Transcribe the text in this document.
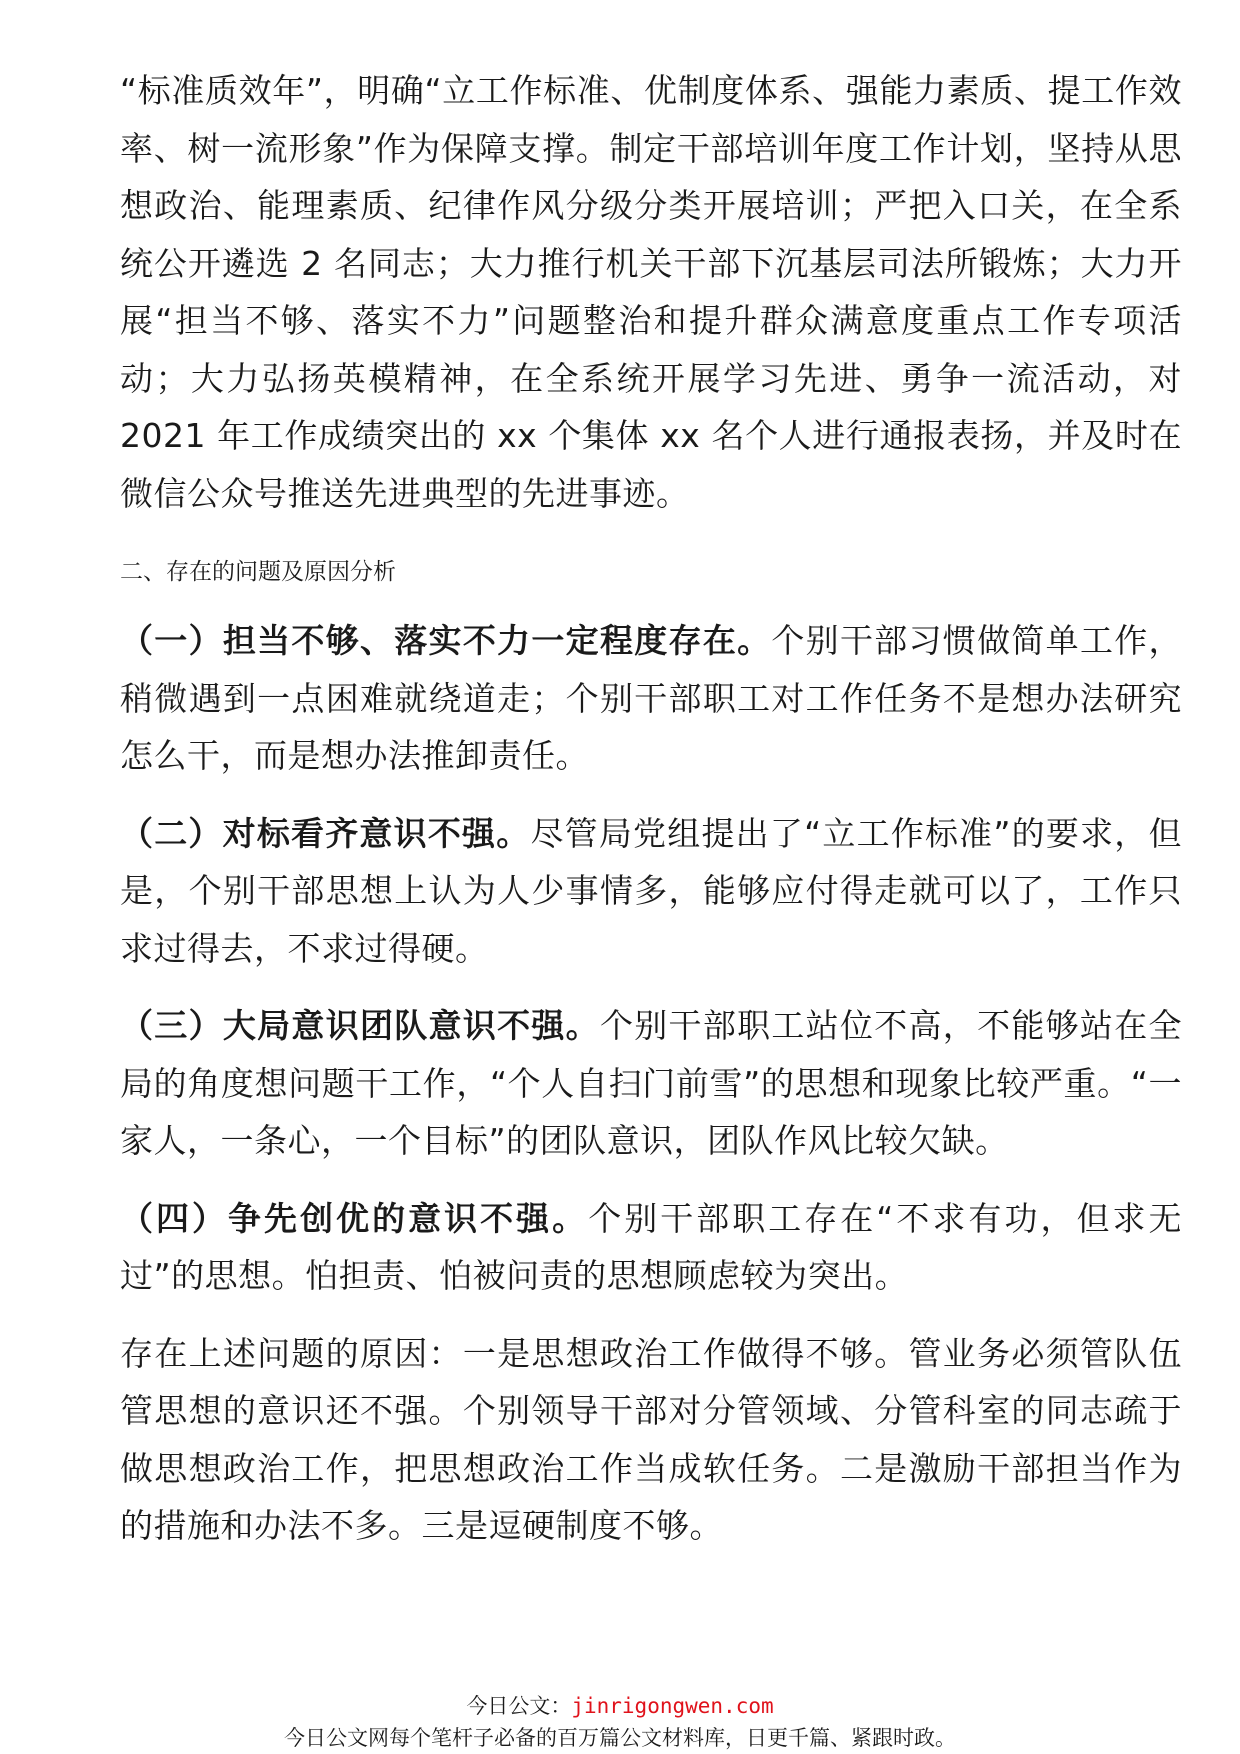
“标准质效年”，明确“立工作标准、优制度体系、强能力素质、提工作效率、树一流形象”作为保障支撑。制定干部培训年度工作计划，坚持从思想政治、能理素质、纪律作风分级分类开展培训；严把入口关，在全系统公开遴选 2 名同志；大力推行机关干部下沉基层司法所锻炼；大力开展“担当不够、落实不力”问题整治和提升群众满意度重点工作专项活动；大力弘扬英模精神，在全系统开展学习先进、勇争一流活动，对 2021 年工作成绩突出的 xx 个集体 xx 名个人进行通报表扬，并及时在微信公众号推送先进典型的先进事迹。

二、存在的问题及原因分析

（一）担当不够、落实不力一定程度存在。个别干部习惯做简单工作，稍微遇到一点困难就绕道走；个别干部职工对工作任务不是想办法研究怎么干，而是想办法推卸责任。

（二）对标看齐意识不强。尽管局党组提出了“立工作标准”的要求，但是，个别干部思想上认为人少事情多，能够应付得走就可以了，工作只求过得去，不求过得硬。

（三）大局意识团队意识不强。个别干部职工站位不高，不能够站在全局的角度想问题干工作，“个人自扫门前雪”的思想和现象比较严重。“一家人，一条心，一个目标”的团队意识，团队作风比较欠缺。

（四）争先创优的意识不强。个别干部职工存在“不求有功，但求无过”的思想。怕担责、怕被问责的思想顾虑较为突出。

存在上述问题的原因：一是思想政治工作做得不够。管业务必须管队伍管思想的意识还不强。个别领导干部对分管领域、分管科室的同志疏于做思想政治工作，把思想政治工作当成软任务。二是激励干部担当作为的措施和办法不多。三是逗硬制度不够。

今日公文：jinrigongwen.com
今日公文网每个笔杆子必备的百万篇公文材料库，日更千篇、紧跟时政。
